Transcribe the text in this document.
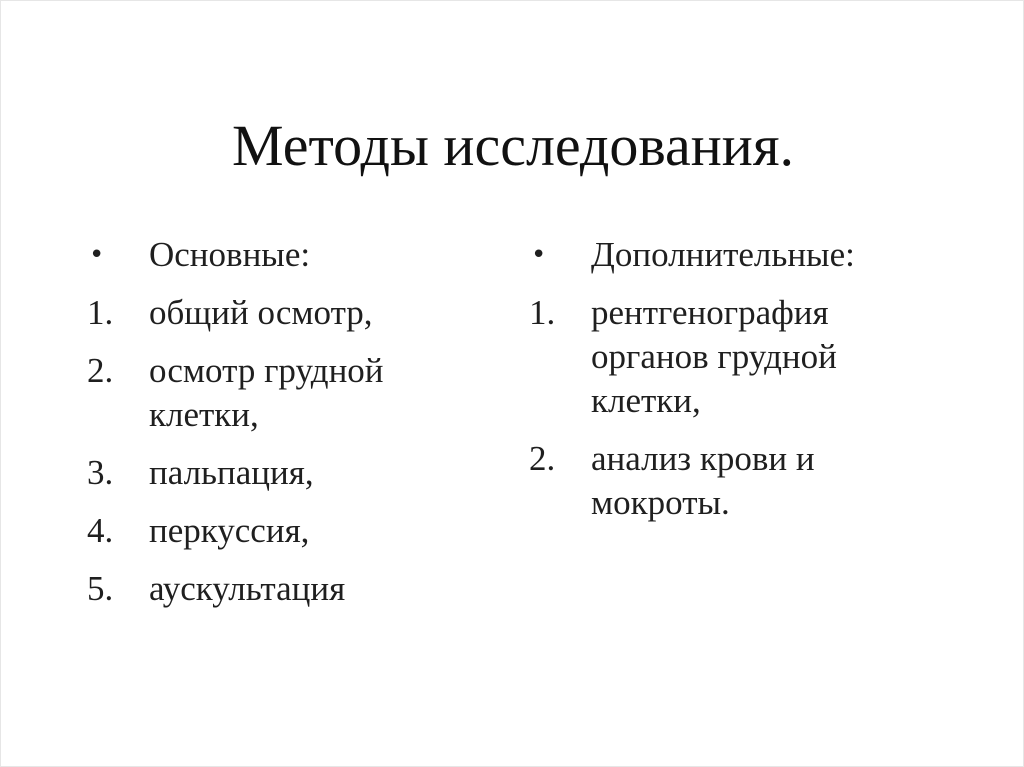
Методы исследования.
•	Основные:
1.	общий осмотр,
2.	осмотр грудной клетки,
3.	пальпация,
4.	перкуссия,
5.	аускультация
•	Дополнительные:
1.	рентгенография органов грудной клетки,
2.	анализ крови и мокроты.
